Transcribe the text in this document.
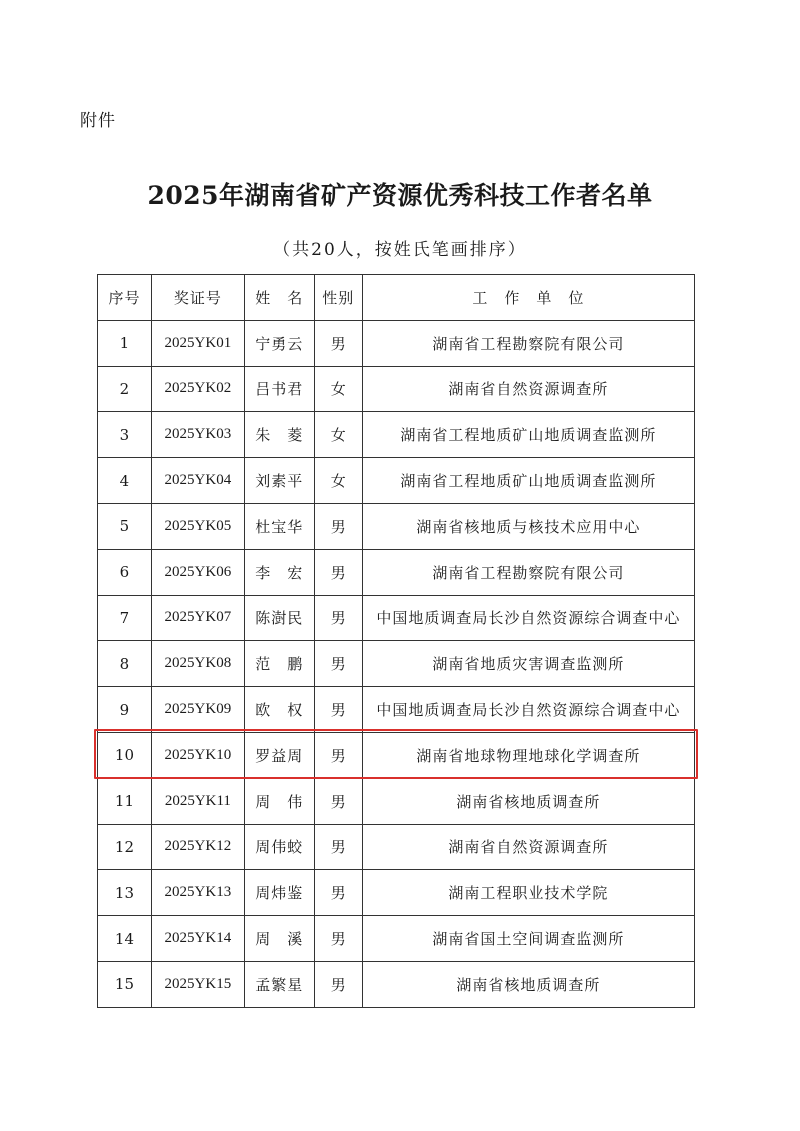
附件
2025年湖南省矿产资源优秀科技工作者名单
（共20人，按姓氏笔画排序）
序号	奖证号	姓　名	性别	工　作　单　位
1	2025YK01	宁勇云	男	湖南省工程勘察院有限公司
2	2025YK02	吕书君	女	湖南省自然资源调查所
3	2025YK03	朱　菱	女	湖南省工程地质矿山地质调查监测所
4	2025YK04	刘素平	女	湖南省工程地质矿山地质调查监测所
5	2025YK05	杜宝华	男	湖南省核地质与核技术应用中心
6	2025YK06	李　宏	男	湖南省工程勘察院有限公司
7	2025YK07	陈澍民	男	中国地质调查局长沙自然资源综合调查中心
8	2025YK08	范　鹏	男	湖南省地质灾害调查监测所
9	2025YK09	欧　权	男	中国地质调查局长沙自然资源综合调查中心
10	2025YK10	罗益周	男	湖南省地球物理地球化学调查所
11	2025YK11	周　伟	男	湖南省核地质调查所
12	2025YK12	周伟蛟	男	湖南省自然资源调查所
13	2025YK13	周炜鉴	男	湖南工程职业技术学院
14	2025YK14	周　溪	男	湖南省国土空间调查监测所
15	2025YK15	孟繁星	男	湖南省核地质调查所
